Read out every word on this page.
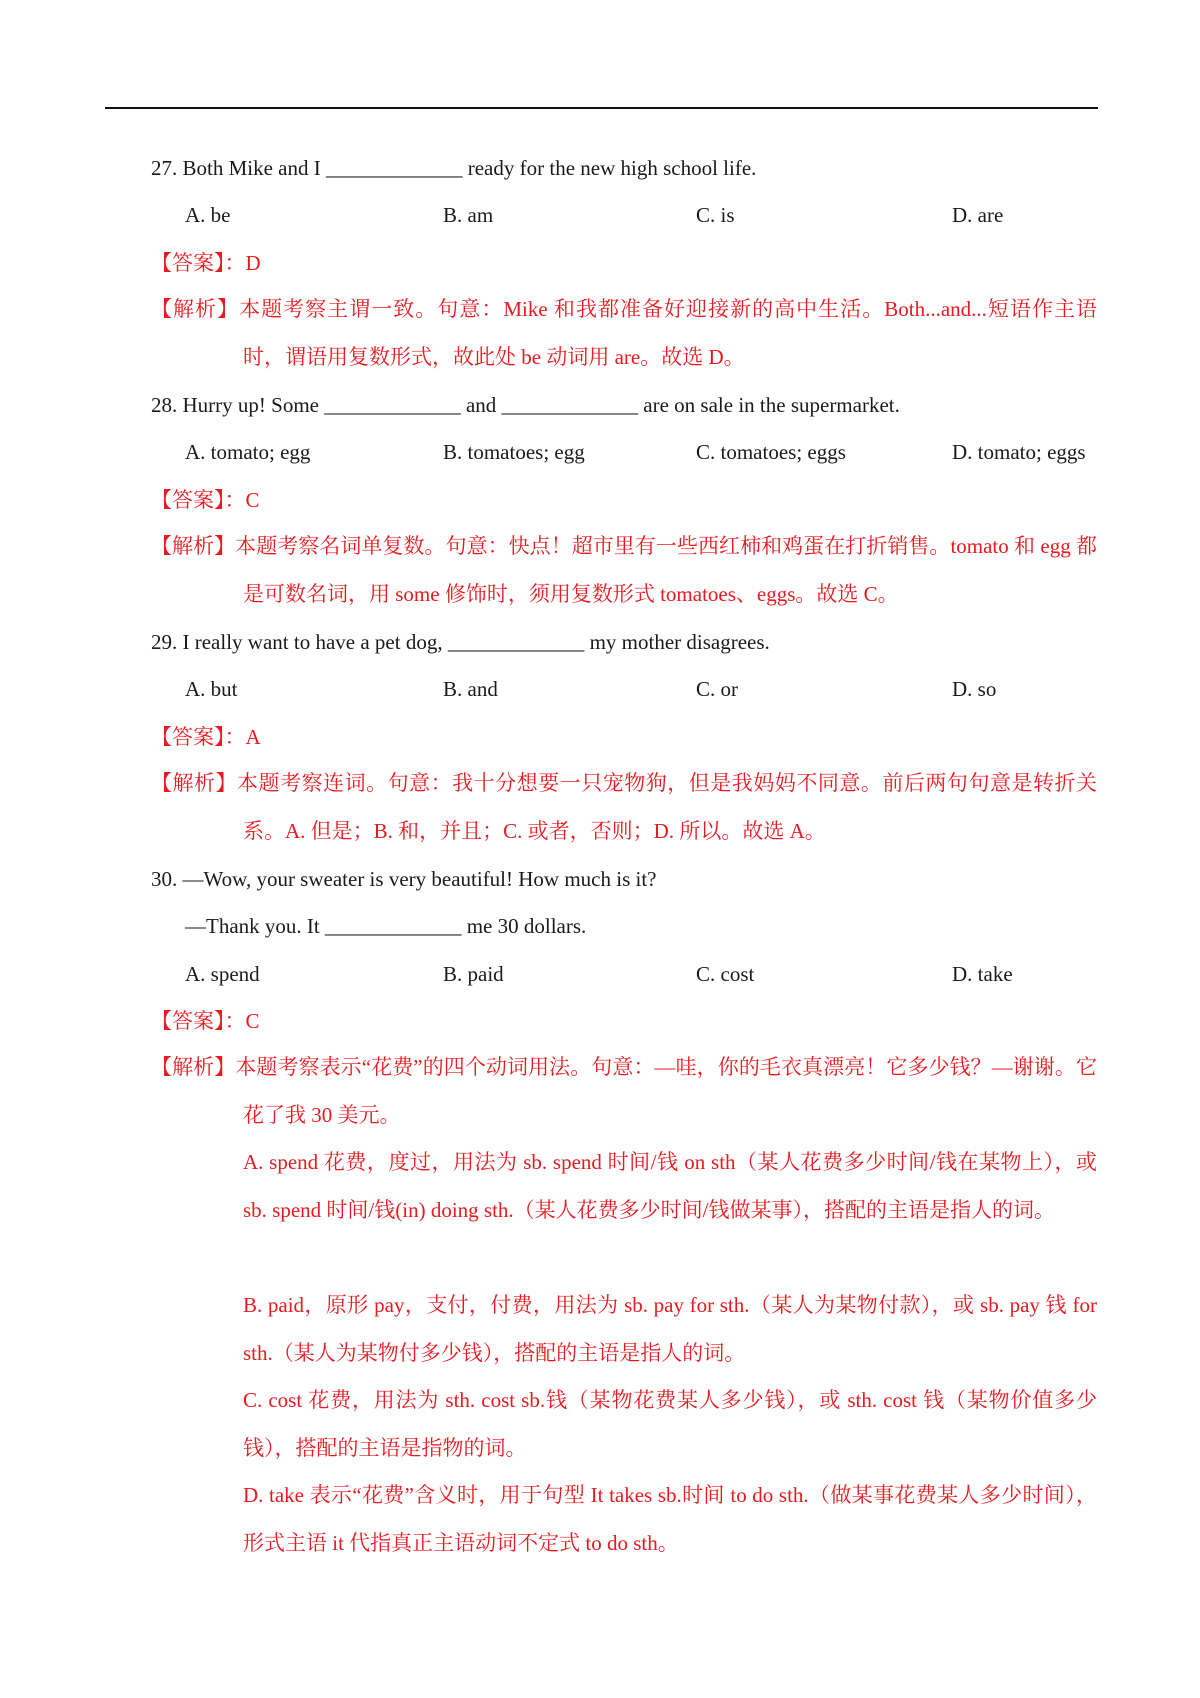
27. Both Mike and I _____________ ready for the new high school life.
A. be	B. am	C. is	D. are
【答案】：D
【解析】本题考察主谓一致。句意：Mike 和我都准备好迎接新的高中生活。Both...and...短语作主语时，谓语用复数形式，故此处 be 动词用 are。故选 D。
28. Hurry up! Some _____________ and _____________ are on sale in the supermarket.
A. tomato; egg	B. tomatoes; egg	C. tomatoes; eggs	D. tomato; eggs
【答案】：C
【解析】本题考察名词单复数。句意：快点！超市里有一些西红柿和鸡蛋在打折销售。tomato 和 egg 都是可数名词，用 some 修饰时，须用复数形式 tomatoes、eggs。故选 C。
29. I really want to have a pet dog, _____________ my mother disagrees.
A. but	B. and	C. or	D. so
【答案】：A
【解析】本题考察连词。句意：我十分想要一只宠物狗，但是我妈妈不同意。前后两句句意是转折关系。A. 但是；B. 和，并且；C. 或者，否则；D. 所以。故选 A。
30. —Wow, your sweater is very beautiful! How much is it?
—Thank you. It _____________ me 30 dollars.
A. spend	B. paid	C. cost	D. take
【答案】：C
【解析】本题考察表示“花费”的四个动词用法。句意：—哇，你的毛衣真漂亮！它多少钱？—谢谢。它花了我 30 美元。
A. spend 花费，度过，用法为 sb. spend 时间/钱 on sth（某人花费多少时间/钱在某物上），或 sb. spend 时间/钱(in) doing sth.（某人花费多少时间/钱做某事），搭配的主语是指人的词。
B. paid，原形 pay，支付，付费，用法为 sb. pay for sth.（某人为某物付款），或 sb. pay 钱 for sth.（某人为某物付多少钱），搭配的主语是指人的词。
C. cost 花费，用法为 sth. cost sb.钱（某物花费某人多少钱），或 sth. cost 钱（某物价值多少钱），搭配的主语是指物的词。
D. take 表示“花费”含义时，用于句型 It takes sb.时间 to do sth.（做某事花费某人多少时间），形式主语 it 代指真正主语动词不定式 to do sth。
